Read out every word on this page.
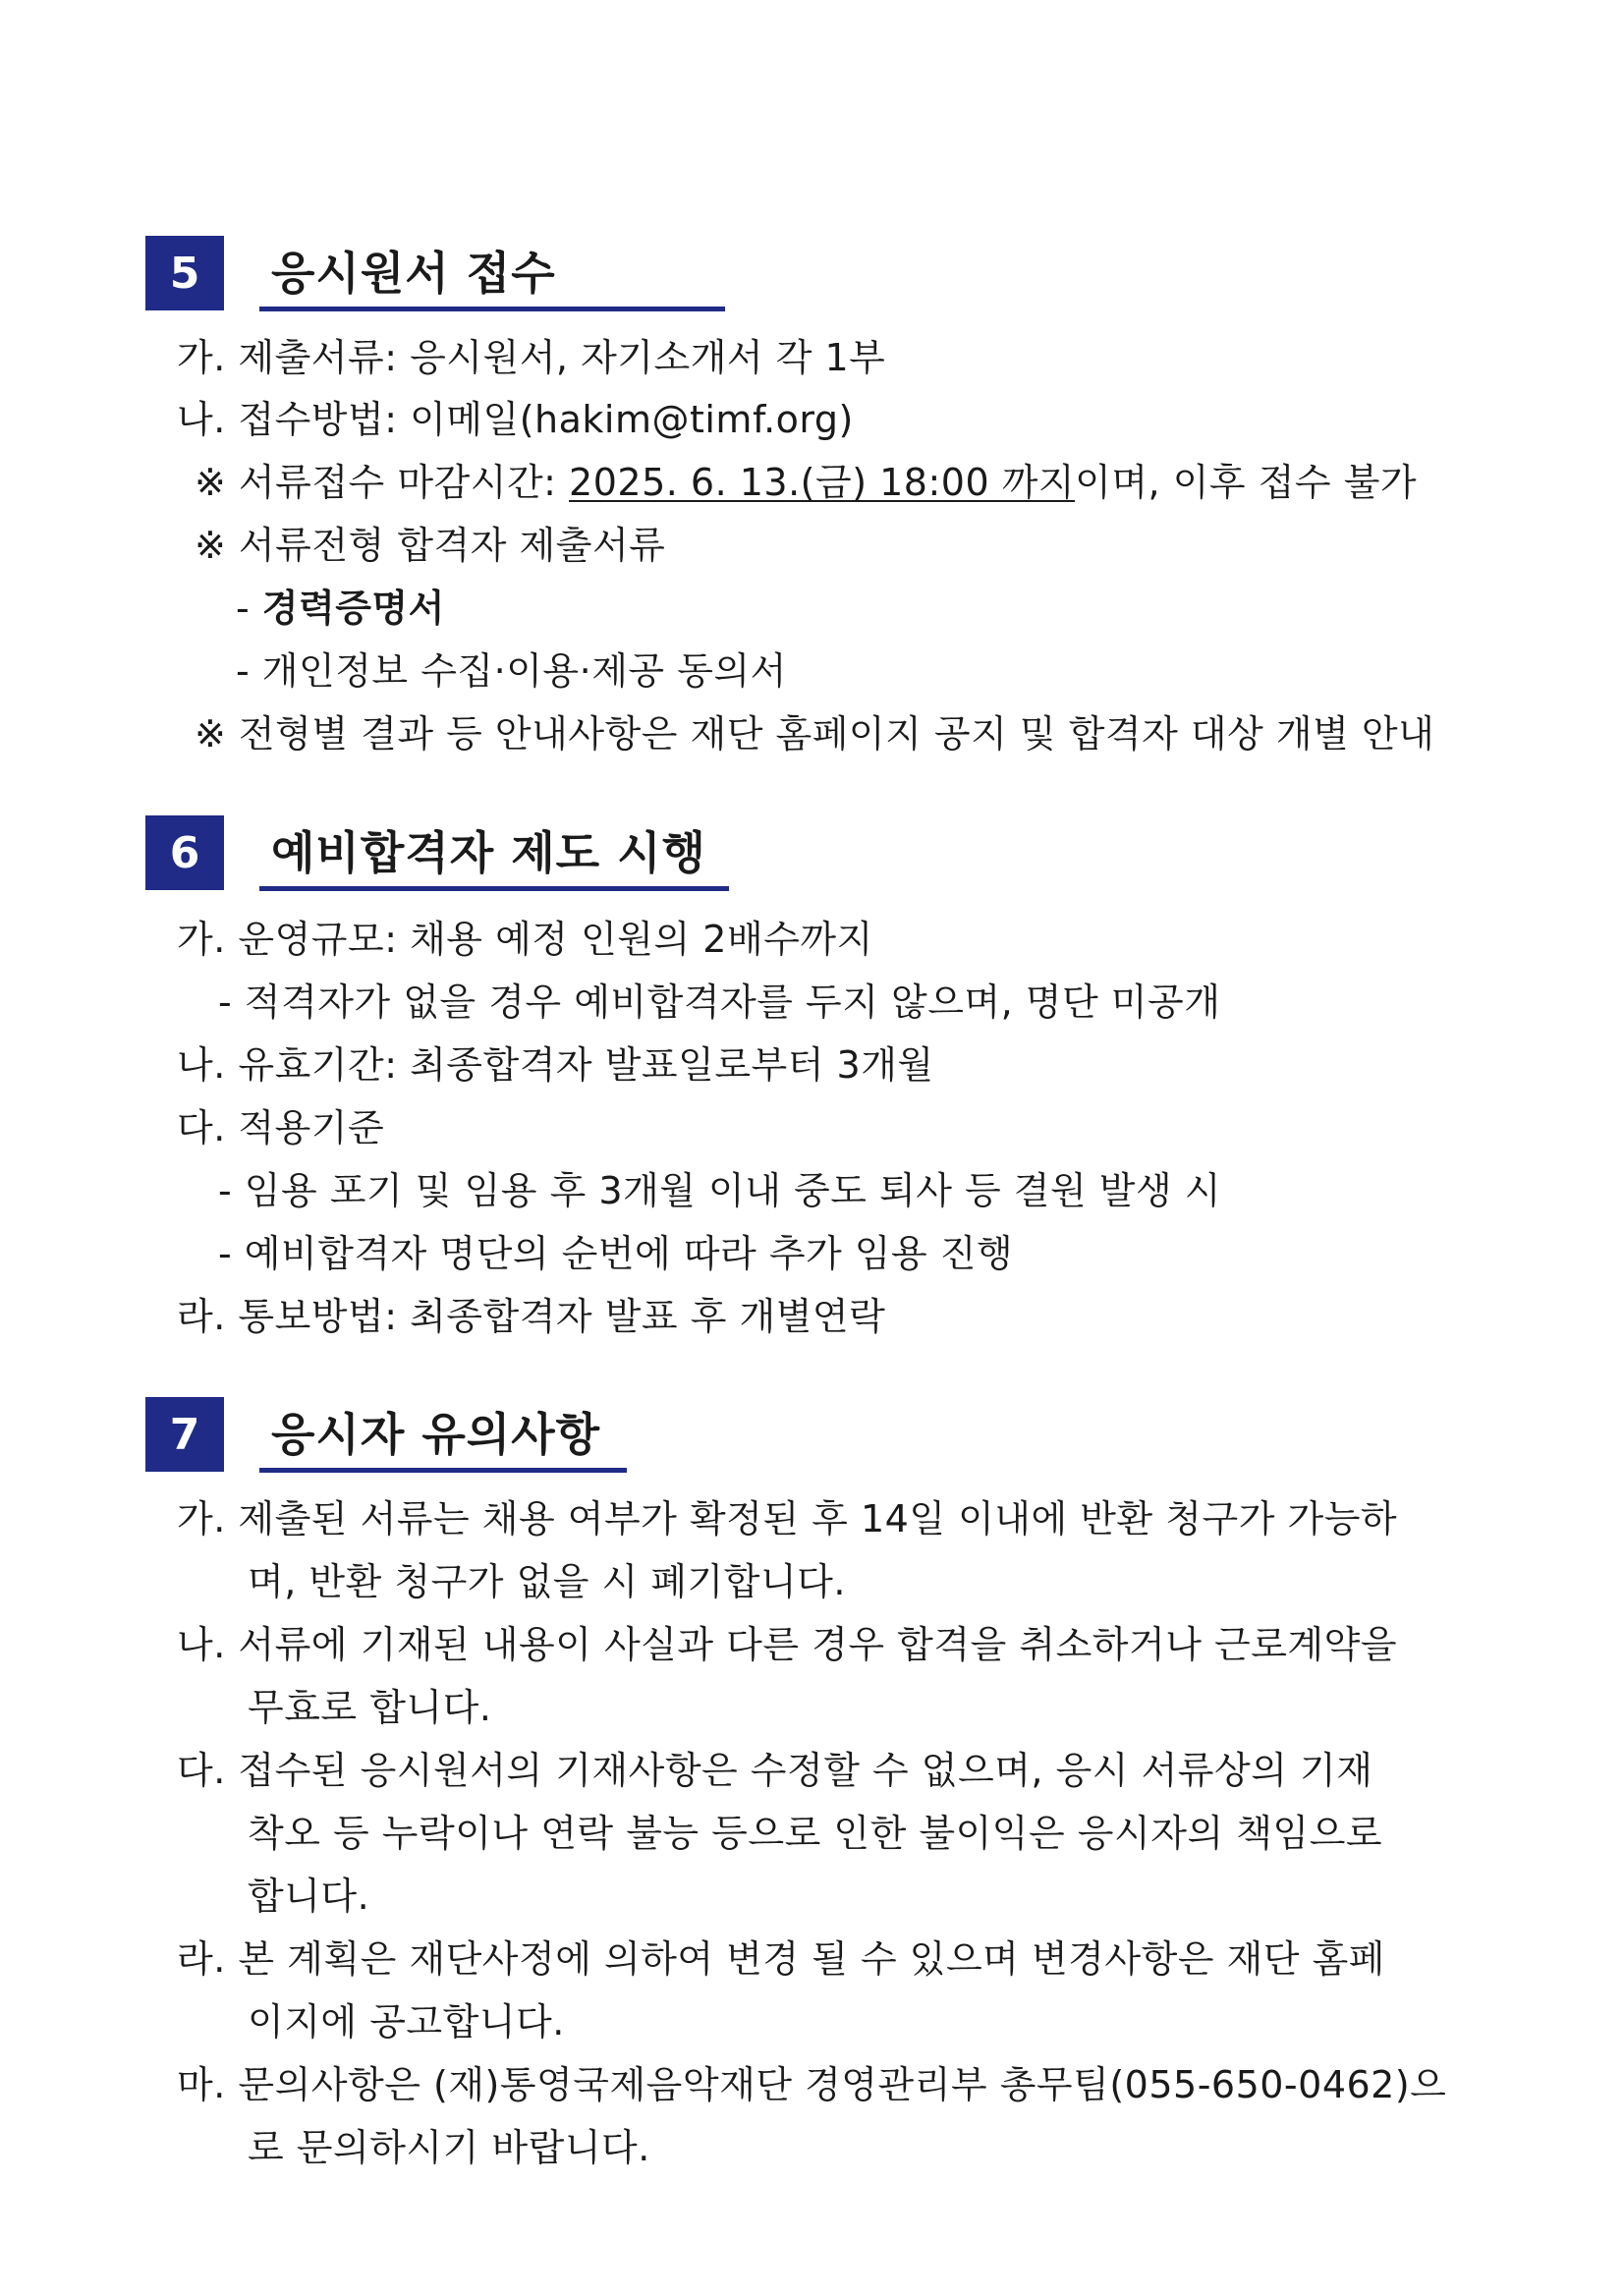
5	응시원서 접수
가. 제출서류: 응시원서, 자기소개서 각 1부
나. 접수방법: 이메일(hakim@timf.org)
※ 서류접수 마감시간: 2025. 6. 13.(금) 18:00 까지이며, 이후 접수 불가
※ 서류전형 합격자 제출서류
- 경력증명서
- 개인정보 수집·이용·제공 동의서
※ 전형별 결과 등 안내사항은 재단 홈페이지 공지 및 합격자 대상 개별 안내
6	예비합격자 제도 시행
가. 운영규모: 채용 예정 인원의 2배수까지
- 적격자가 없을 경우 예비합격자를 두지 않으며, 명단 미공개
나. 유효기간: 최종합격자 발표일로부터 3개월
다. 적용기준
- 임용 포기 및 임용 후 3개월 이내 중도 퇴사 등 결원 발생 시
- 예비합격자 명단의 순번에 따라 추가 임용 진행
라. 통보방법: 최종합격자 발표 후 개별연락
7	응시자 유의사항
가. 제출된 서류는 채용 여부가 확정된 후 14일 이내에 반환 청구가 가능하
며, 반환 청구가 없을 시 폐기합니다.
나. 서류에 기재된 내용이 사실과 다른 경우 합격을 취소하거나 근로계약을
무효로 합니다.
다. 접수된 응시원서의 기재사항은 수정할 수 없으며, 응시 서류상의 기재
착오 등 누락이나 연락 불능 등으로 인한 불이익은 응시자의 책임으로
합니다.
라. 본 계획은 재단사정에 의하여 변경 될 수 있으며 변경사항은 재단 홈페
이지에 공고합니다.
마. 문의사항은 (재)통영국제음악재단 경영관리부 총무팀(055-650-0462)으
로 문의하시기 바랍니다.
